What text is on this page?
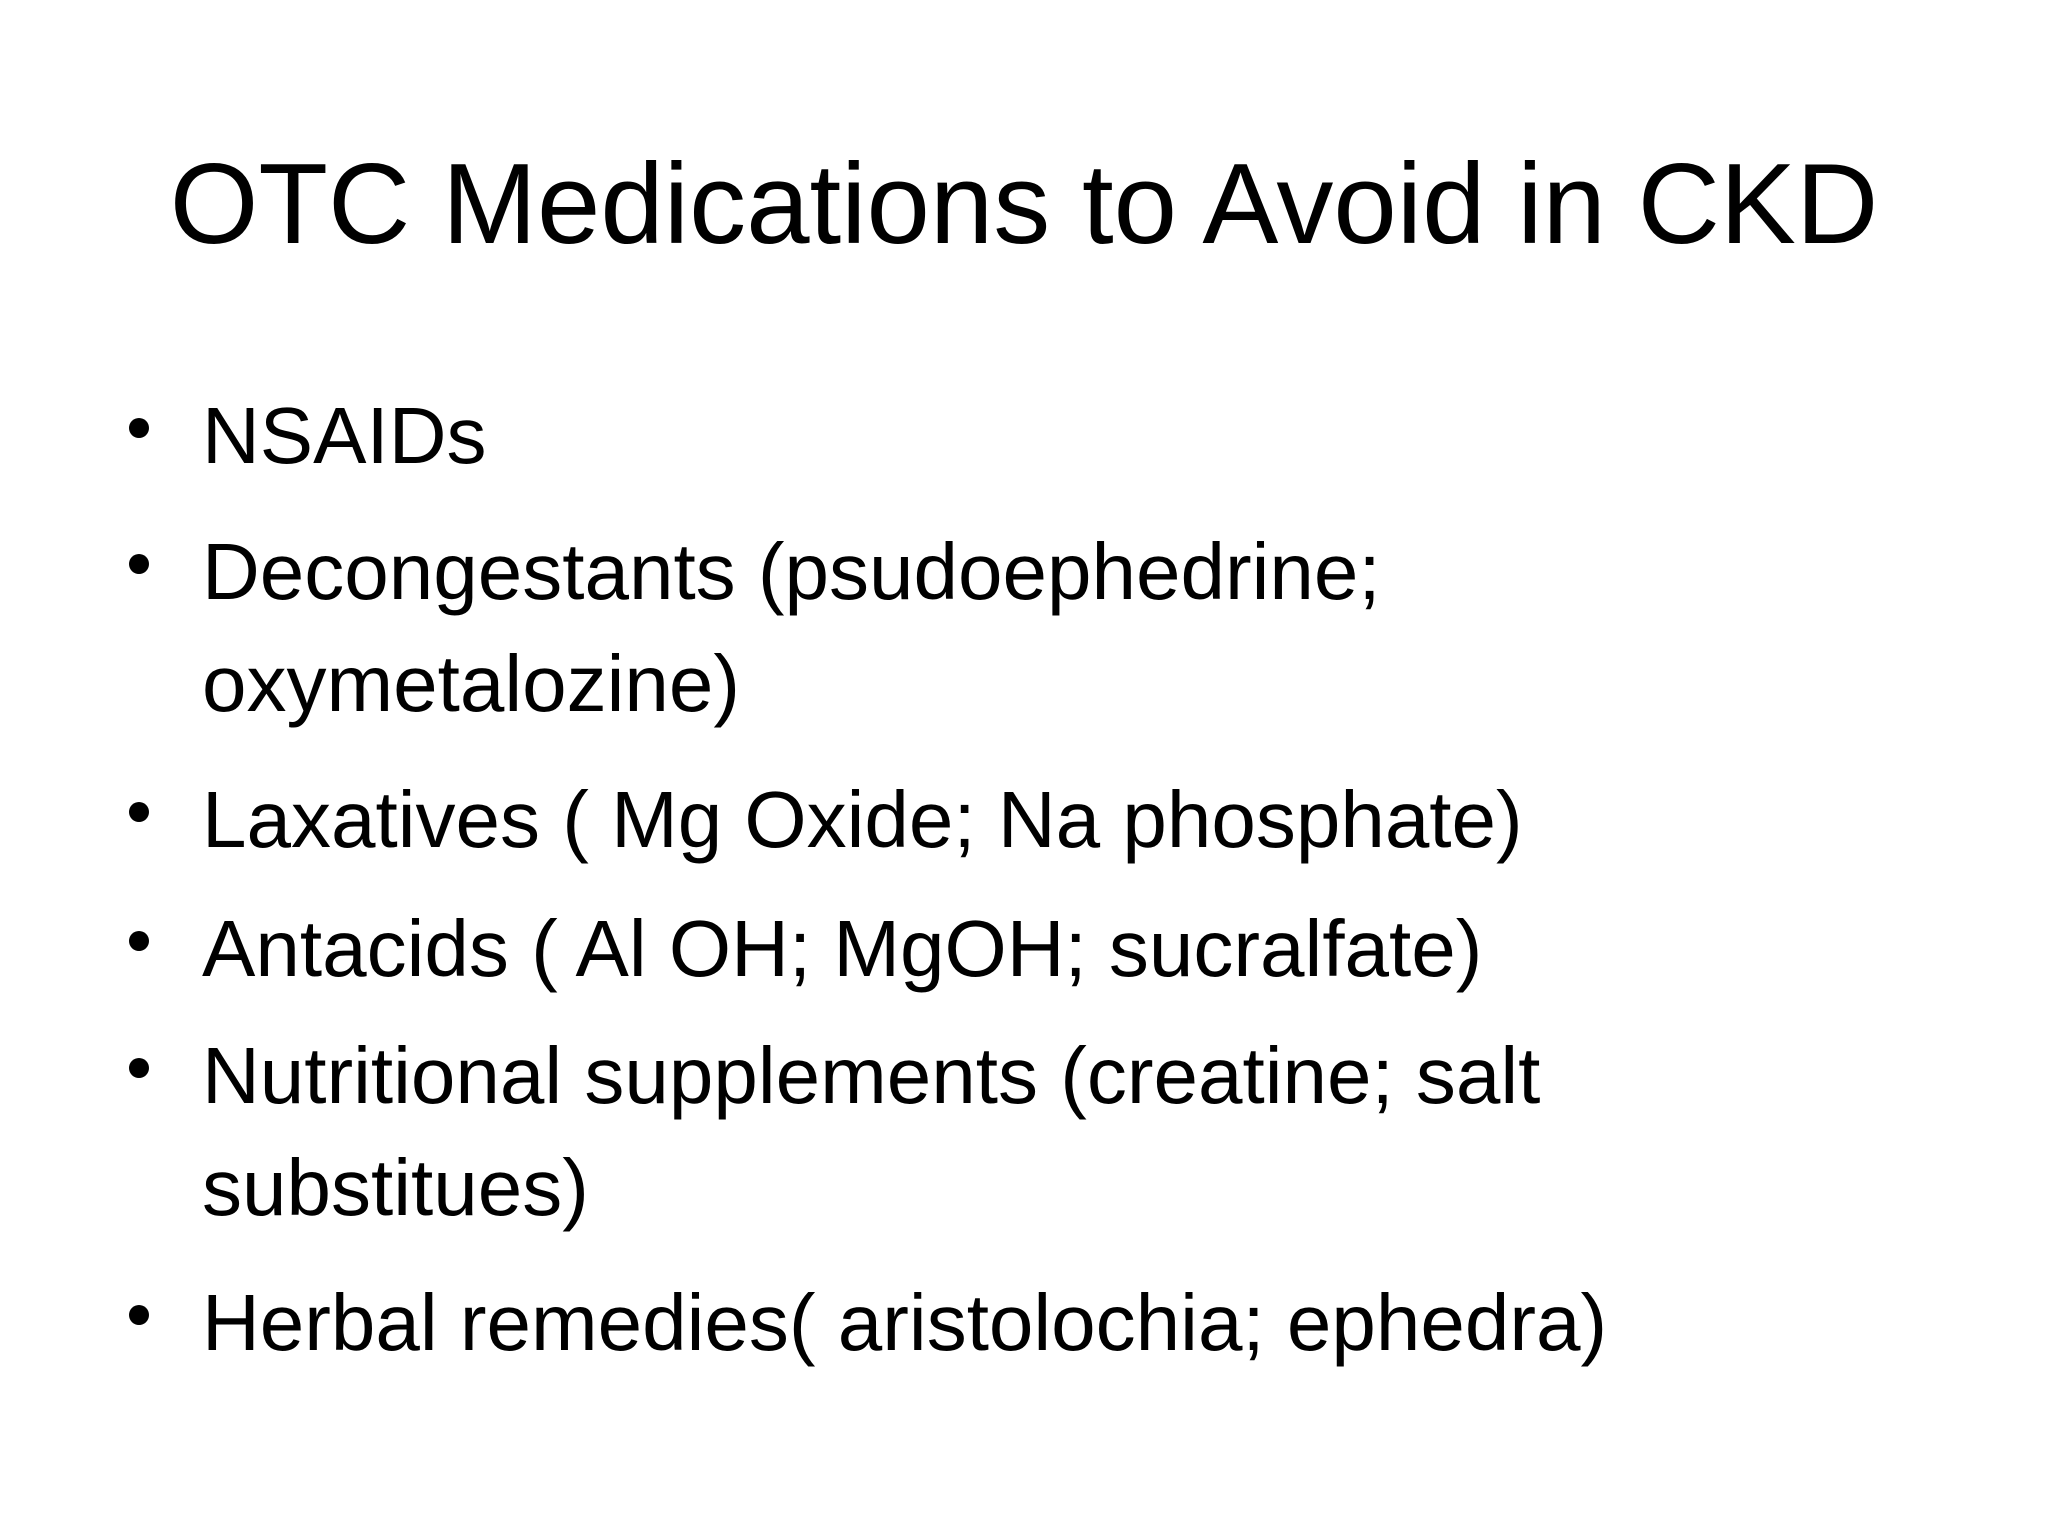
OTC Medications to Avoid in CKD
NSAIDs
Decongestants (psudoephedrine;
oxymetalozine)
Laxatives ( Mg Oxide; Na phosphate)
Antacids ( Al OH; MgOH; sucralfate)
Nutritional supplements (creatine; salt
substitues)
Herbal remedies( aristolochia; ephedra)
